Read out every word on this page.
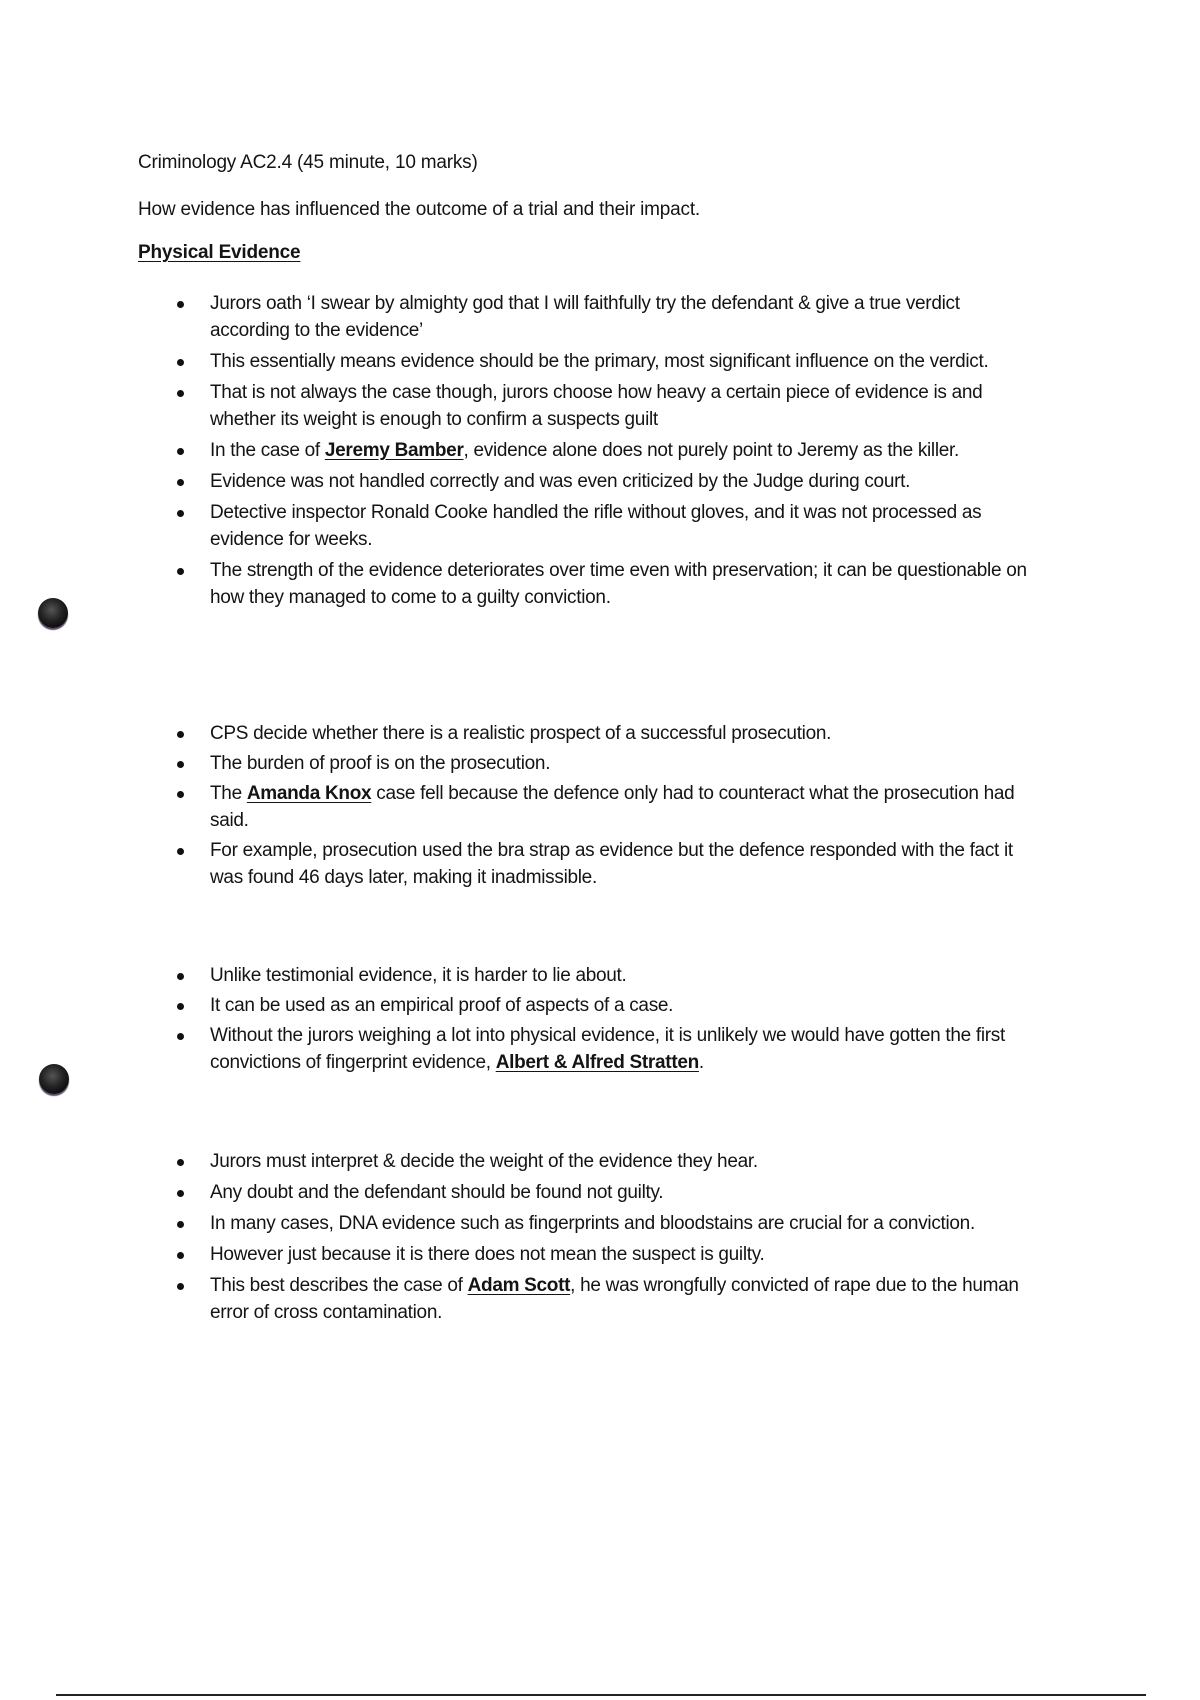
Criminology AC2.4 (45 minute, 10 marks)
How evidence has influenced the outcome of a trial and their impact.
Physical Evidence
Jurors oath ‘I swear by almighty god that I will faithfully try the defendant & give a true verdict according to the evidence’
This essentially means evidence should be the primary, most significant influence on the verdict.
That is not always the case though, jurors choose how heavy a certain piece of evidence is and whether its weight is enough to confirm a suspects guilt
In the case of Jeremy Bamber, evidence alone does not purely point to Jeremy as the killer.
Evidence was not handled correctly and was even criticized by the Judge during court.
Detective inspector Ronald Cooke handled the rifle without gloves, and it was not processed as evidence for weeks.
The strength of the evidence deteriorates over time even with preservation; it can be questionable on how they managed to come to a guilty conviction.
CPS decide whether there is a realistic prospect of a successful prosecution.
The burden of proof is on the prosecution.
The Amanda Knox case fell because the defence only had to counteract what the prosecution had said.
For example, prosecution used the bra strap as evidence but the defence responded with the fact it was found 46 days later, making it inadmissible.
Unlike testimonial evidence, it is harder to lie about.
It can be used as an empirical proof of aspects of a case.
Without the jurors weighing a lot into physical evidence, it is unlikely we would have gotten the first convictions of fingerprint evidence, Albert & Alfred Stratten.
Jurors must interpret & decide the weight of the evidence they hear.
Any doubt and the defendant should be found not guilty.
In many cases, DNA evidence such as fingerprints and bloodstains are crucial for a conviction.
However just because it is there does not mean the suspect is guilty.
This best describes the case of Adam Scott, he was wrongfully convicted of rape due to the human error of cross contamination.
